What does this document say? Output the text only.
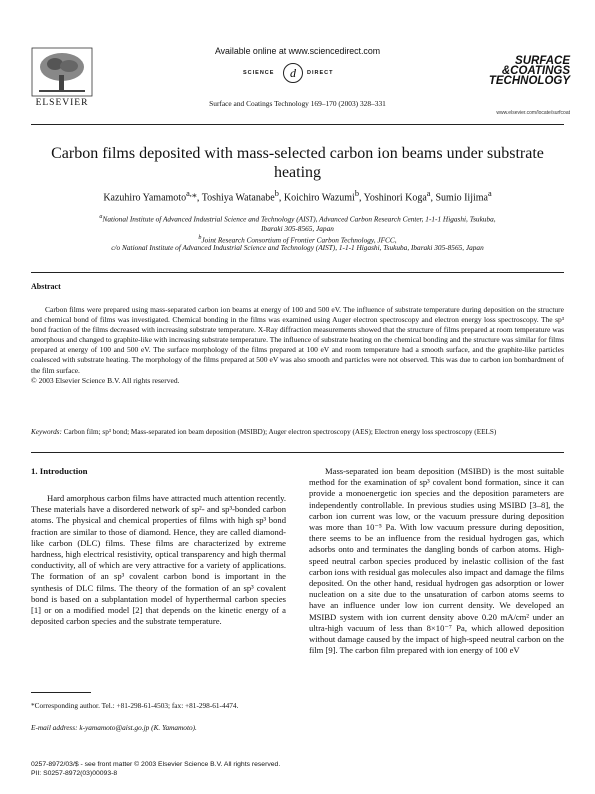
Available online at www.sciencedirect.com
SCIENCE d DIRECT
ELSEVIER	Surface and Coatings Technology 169–170 (2003) 328–331
SURFACE
&COATINGS
TECHNOLOGY
www.elsevier.com/locate/surfcoat
Carbon films deposited with mass-selected carbon ion beams under substrate heating
Kazuhiro Yamamoto$^{a,}$*, Toshiya Watanabe$^b$, Koichiro Wazumi$^b$, Yoshinori Koga$^a$, Sumio Iijima$^a$
$^a$National Institute of Advanced Industrial Science and Technology (AIST), Advanced Carbon Research Center, 1-1-1 Higashi, Tsukuba,
Ibaraki 305-8565, Japan
$^b$Joint Research Consortium of Frontier Carbon Technology, JFCC,
c/o National Institute of Advanced Industrial Science and Technology (AIST), 1-1-1 Higashi, Tsukuba, Ibaraki 305-8565, Japan
Abstract
Carbon films were prepared using mass-separated carbon ion beams at energy of 100 and 500 eV. The influence of substrate temperature during deposition on the structure and chemical bond of films was investigated. Chemical bonding in the films was examined using Auger electron spectroscopy and electron energy loss spectroscopy. The sp³ bond fraction of the films decreased with increasing substrate temperature. X-Ray diffraction measurements showed that the structure of films prepared at room temperature was amorphous and changed to graphite-like with increasing substrate temperature. The influence of substrate heating on the chemical bonding and the structure was similar for films prepared at energy of 100 and 500 eV. The surface morphology of the films prepared at 100 eV and room temperature had a smooth surface, and the graphite-like particles coalesced with substrate heating. The morphology of the films prepared at 500 eV was also smooth and particles were not observed. This was due to carbon ion bombardment of the film surface.
© 2003 Elsevier Science B.V. All rights reserved.
Keywords: Carbon film; sp³ bond; Mass-separated ion beam deposition (MSIBD); Auger electron spectroscopy (AES); Electron energy loss spectroscopy (EELS)
1. Introduction
Hard amorphous carbon films have attracted much attention recently. These materials have a disordered network of sp²- and sp³-bonded carbon atoms. The physical and chemical properties of films with high sp³ bond fraction are similar to those of diamond. Hence, they are called diamond-like carbon (DLC) films. These films are characterized by extreme hardness, high electrical resistivity, optical transparency and high thermal conductivity, all of which are very attractive for a variety of applications. The formation of an sp³ covalent carbon bond is important in the synthesis of DLC films. The theory of the formation of an sp³ covalent bond is based on a subplantation model of hyperthermal carbon species [1] or on a modified model [2] that depends on the kinetic energy of a deposited carbon species and the substrate temperature.
Mass-separated ion beam deposition (MSIBD) is the most suitable method for the examination of sp³ covalent bond formation, since it can provide a monoenergetic ion species and the deposition parameters are independently controllable. In previous studies using MSIBD [3–8], the carbon ion current was low, or the vacuum pressure during deposition was more than 10⁻⁵ Pa. With low vacuum pressure during deposition, there seems to be an influence from the residual hydrogen gas, which adsorbs onto and terminates the dangling bonds of carbon atoms. High-speed neutral carbon species produced by inelastic collision of the fast carbon ions with residual gas molecules also impact and damage the films deposited. On the other hand, residual hydrogen gas adsorption or lower nucleation on a site due to the unsaturation of carbon atoms seems to have an influence under low ion current density. We developed an MSIBD system with ion current density above 0.20 mA/cm² under an ultra-high vacuum of less than 8×10⁻⁷ Pa, which allowed deposition without damage caused by the impact of high-speed neutral carbon on the film [9]. The carbon film prepared with ion energy of 100 eV
*Corresponding author. Tel.: +81-298-61-4503; fax: +81-298-61-4474.
E-mail address: k-yamamoto@aist.go.jp (K. Yamamoto).
0257-8972/03/$ - see front matter © 2003 Elsevier Science B.V. All rights reserved.
PII: S0257-8972(03)00093-8
